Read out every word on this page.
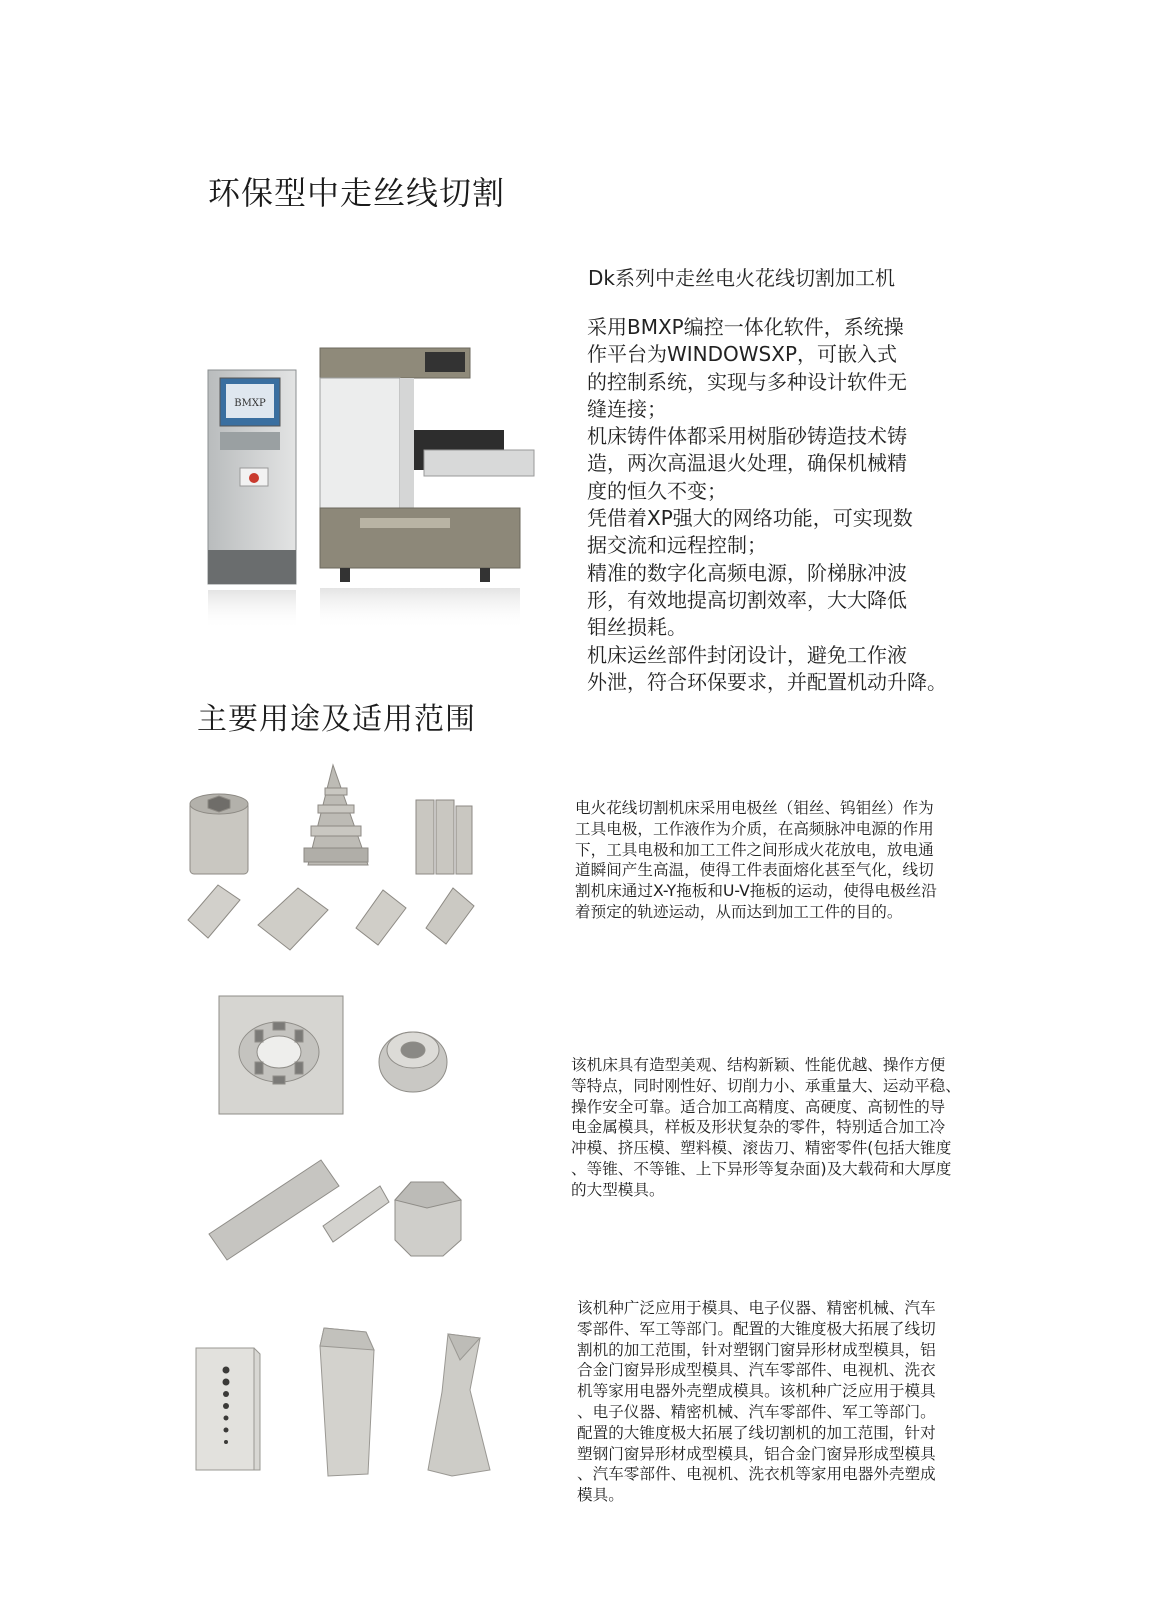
环保型中走丝线切割
Dk系列中走丝电火花线切割加工机
采用BMXP编控一体化软件，系统操
作平台为WINDOWSXP，可嵌入式
的控制系统，实现与多种设计软件无
缝连接；
机床铸件体都采用树脂砂铸造技术铸
造，两次高温退火处理，确保机械精
度的恒久不变；
凭借着XP强大的网络功能，可实现数
据交流和远程控制；
精准的数字化高频电源，阶梯脉冲波
形，有效地提高切割效率，大大降低
钼丝损耗。
机床运丝部件封闭设计，避免工作液
外泄，符合环保要求，并配置机动升降。
BMXP
主要用途及适用范围

电火花线切割机床采用电极丝（钼丝、钨钼丝）作为

工具电极，工作液作为介质，在高频脉冲电源的作用

下，工具电极和加工工件之间形成火花放电，放电通

道瞬间产生高温，使得工件表面熔化甚至气化，线切

割机床通过X-Y拖板和U-V拖板的运动，使得电极丝沿

着预定的轨迹运动，从而达到加工工件的目的。

该机床具有造型美观、结构新颖、性能优越、操作方便

等特点，同时刚性好、切削力小、承重量大、运动平稳、

操作安全可靠。适合加工高精度、高硬度、高韧性的导

电金属模具，样板及形状复杂的零件，特别适合加工冷

冲模、挤压模、塑料模、滚齿刀、精密零件(包括大锥度

、等锥、不等锥、上下异形等复杂面)及大载荷和大厚度

的大型模具。

该机种广泛应用于模具、电子仪器、精密机械、汽车

零部件、军工等部门。配置的大锥度极大拓展了线切

割机的加工范围，针对塑钢门窗异形材成型模具，铝

合金门窗异形成型模具、汽车零部件、电视机、洗衣

机等家用电器外壳塑成模具。该机种广泛应用于模具

、电子仪器、精密机械、汽车零部件、军工等部门。

配置的大锥度极大拓展了线切割机的加工范围，针对

塑钢门窗异形材成型模具，铝合金门窗异形成型模具

、汽车零部件、电视机、洗衣机等家用电器外壳塑成

模具。
